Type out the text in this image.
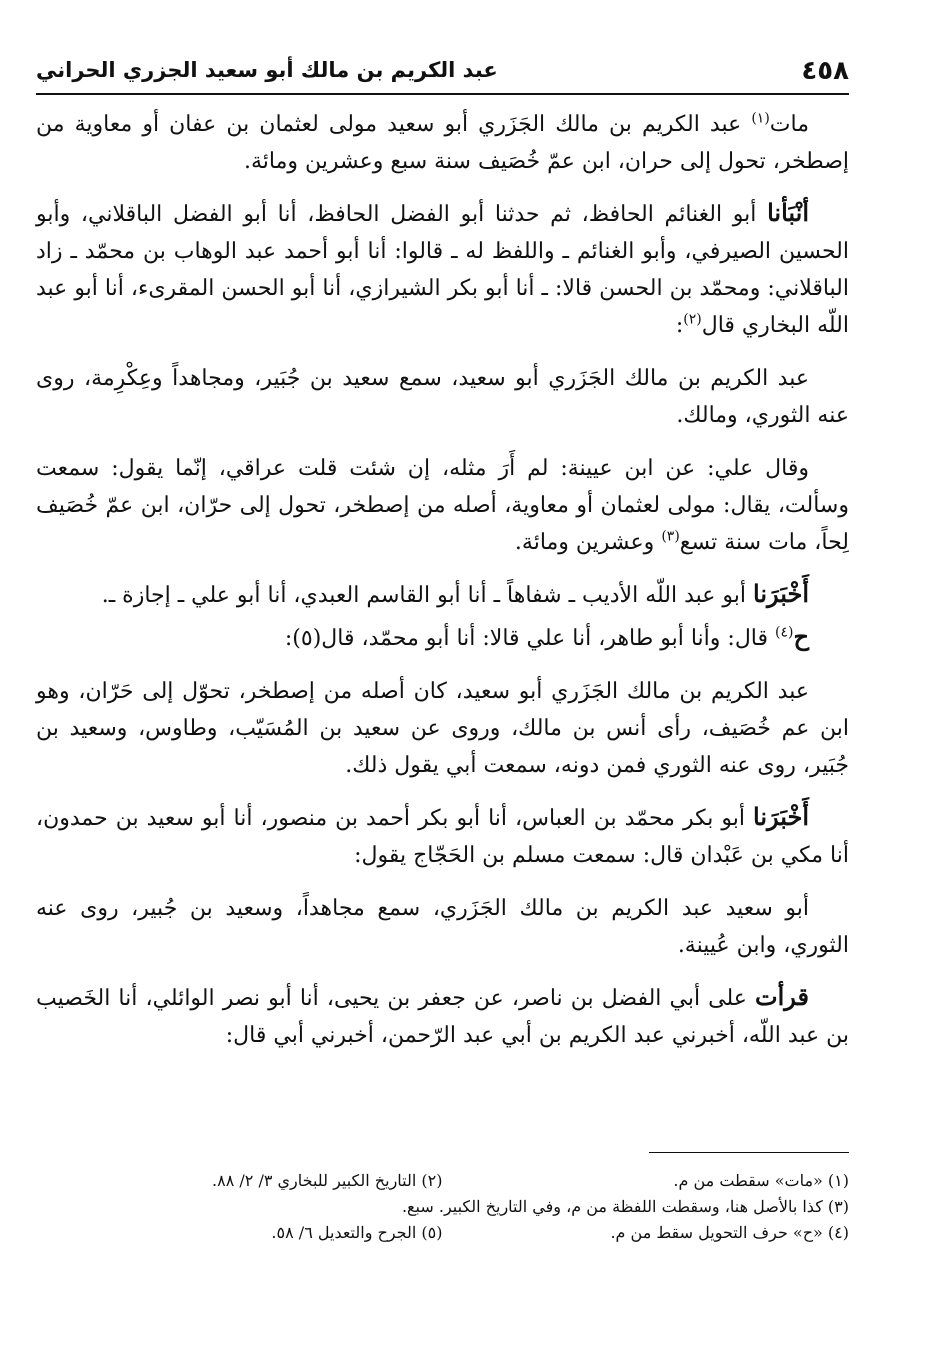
٤٥٨
عبد الكريم بن مالك أبو سعيد الجزري الحراني

مات$^{(١)}$ عبد الكريم بن مالك الجَزَري أبو سعيد مولى لعثمان بن عفان أو معاوية من إصطخر، تحول إلى حران، ابن عمّ خُصَيف سنة سبع وعشرين ومائة.

أنْبَأنا أبو الغنائم الحافظ، ثم حدثنا أبو الفضل الحافظ، أنا أبو الفضل الباقلاني، وأبو الحسين الصيرفي، وأبو الغنائم ـ واللفظ له ـ قالوا: أنا أبو أحمد عبد الوهاب بن محمّد ـ زاد الباقلاني: ومحمّد بن الحسن قالا: ـ أنا أبو بكر الشيرازي، أنا أبو الحسن المقرىء، أنا أبو عبد اللّه البخاري قال$^{(٢)}$:

عبد الكريم بن مالك الجَزَري أبو سعيد، سمع سعيد بن جُبَير، ومجاهداً وعِكْرِمة، روى عنه الثوري، ومالك.

وقال علي: عن ابن عيينة: لم أَرَ مثله، إن شئت قلت عراقي، إنّما يقول: سمعت وسألت، يقال: مولى لعثمان أو معاوية، أصله من إصطخر، تحول إلى حرّان، ابن عمّ خُصَيف لِحاً، مات سنة تسع$^{(٣)}$ وعشرين ومائة.

أَخْبَرَنا أبو عبد اللّه الأديب ـ شفاهاً ـ أنا أبو القاسم العبدي، أنا أبو علي ـ إجازة ـ.

ح$^{(٤)}$ قال: وأنا أبو طاهر، أنا علي قالا: أنا أبو محمّد، قال(٥):

عبد الكريم بن مالك الجَزَري أبو سعيد، كان أصله من إصطخر، تحوّل إلى حَرّان، وهو ابن عم خُصَيف، رأى أنس بن مالك، وروى عن سعيد بن المُسَيّب، وطاوس، وسعيد بن جُبَير، روى عنه الثوري فمن دونه، سمعت أبي يقول ذلك.

أَخْبَرَنا أبو بكر محمّد بن العباس، أنا أبو بكر أحمد بن منصور، أنا أبو سعيد بن حمدون، أنا مكي بن عَبْدان قال: سمعت مسلم بن الحَجّاج يقول:

أبو سعيد عبد الكريم بن مالك الجَزَري، سمع مجاهداً، وسعيد بن جُبير، روى عنه الثوري، وابن عُيينة.

قرأت على أبي الفضل بن ناصر، عن جعفر بن يحيى، أنا أبو نصر الوائلي، أنا الخَصيب بن عبد اللّه، أخبرني عبد الكريم بن أبي عبد الرّحمن، أخبرني أبي قال:

(١) «مات» سقطت من م.
(٢) التاريخ الكبير للبخاري ٣/ ٢/ ٨٨.
(٣) كذا بالأصل هنا، وسقطت اللفظة من م، وفي التاريخ الكبير. سبع.
(٤) «ح» حرف التحويل سقط من م.
(٥) الجرح والتعديل ٦/ ٥٨.
